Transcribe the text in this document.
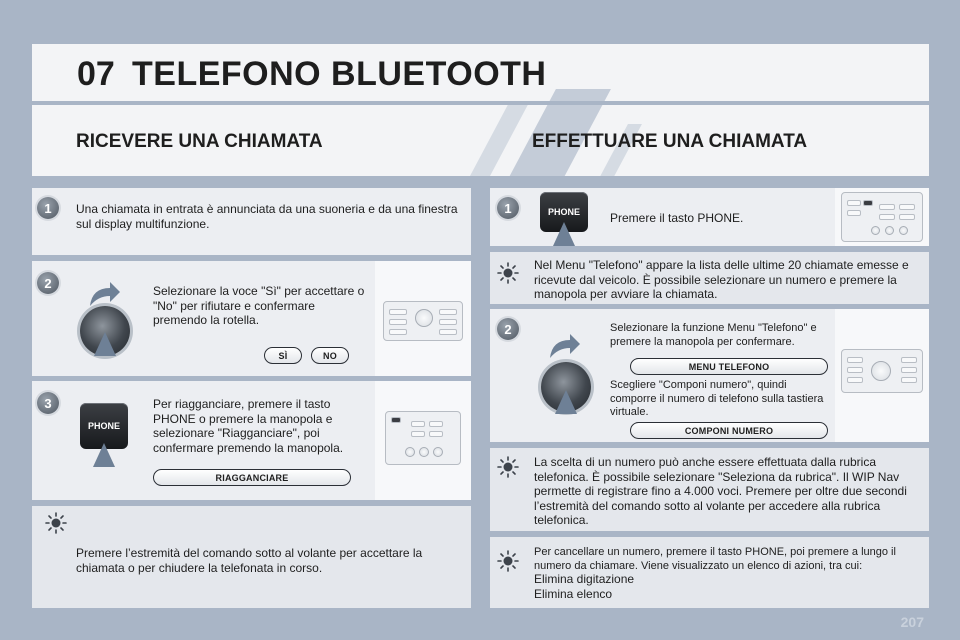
07 TELEFONO BLUETOOTH
RICEVERE UNA CHIAMATA	EFFETTUARE UNA CHIAMATA
1	Una chiamata in entrata è annunciata da una suoneria e da una finestra sul display multifunzione.
2
Selezionare la voce "Sì" per accettare o "No" per rifiutare e confermare premendo la rotella.
SÌ	NO
3
PHONE
Per riagganciare, premere il tasto PHONE o premere la manopola e selezionare "Riagganciare", poi confermare premendo la manopola.
RIAGGANCIARE
Premere l’estremità del comando sotto al volante per accettare la chiamata o per chiudere la telefonata in corso.
1	PHONE	Premere il tasto PHONE.
Nel Menu "Telefono" appare la lista delle ultime 20 chiamate emesse e ricevute dal veicolo. È possibile selezionare un numero e premere la manopola per avviare la chiamata.
2	Selezionare la funzione Menu "Telefono" e premere la manopola per confermare.
MENU TELEFONO
Scegliere "Componi numero", quindi comporre il numero di telefono sulla tastiera virtuale.
COMPONI NUMERO
La scelta di un numero può anche essere effettuata dalla rubrica telefonica. È possibile selezionare "Seleziona da rubrica". Il WIP Nav permette di registrare fino a 4.000 voci. Premere per oltre due secondi l’estremità del comando sotto al volante per accedere alla rubrica telefonica.
Per cancellare un numero, premere il tasto PHONE, poi premere a lungo il numero da chiamare. Viene visualizzato un elenco di azioni, tra cui:
Elimina digitazione
Elimina elenco
207
